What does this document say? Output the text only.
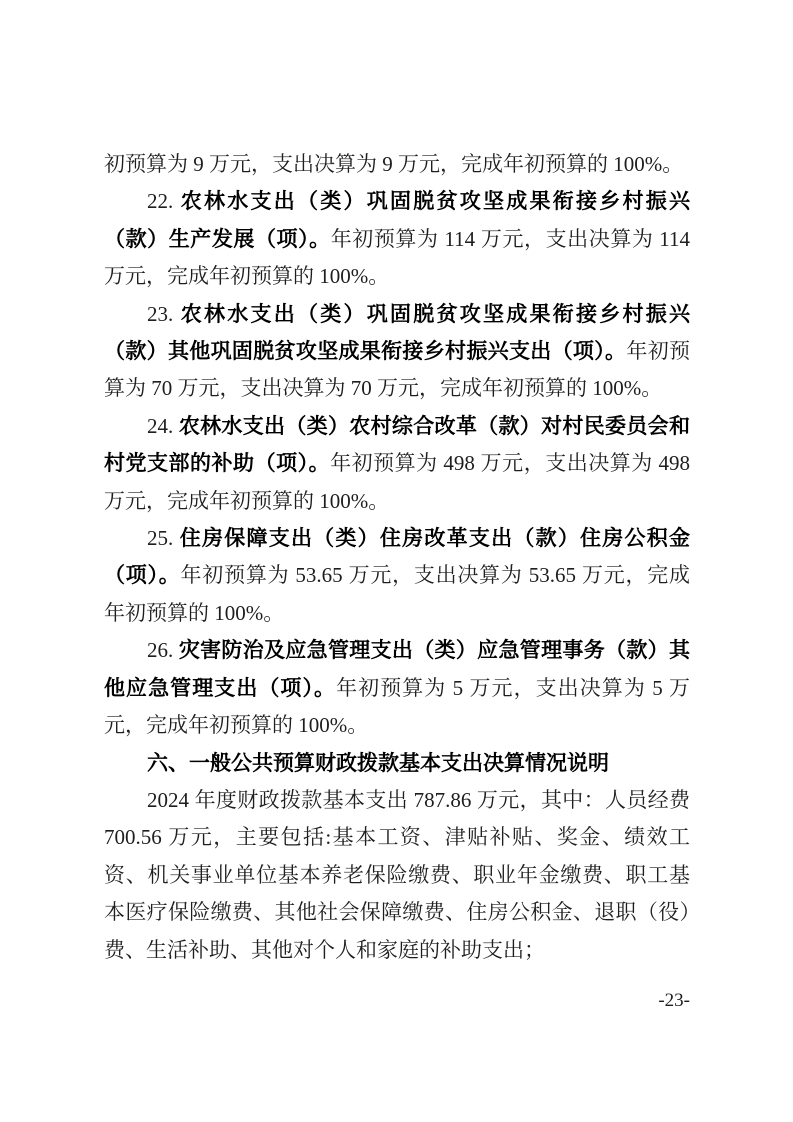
初预算为 9 万元，支出决算为 9 万元，完成年初预算的 100%。

22. 农林水支出（类）巩固脱贫攻坚成果衔接乡村振兴（款）生产发展（项）。年初预算为 114 万元，支出决算为 114 万元，完成年初预算的 100%。

23. 农林水支出（类）巩固脱贫攻坚成果衔接乡村振兴（款）其他巩固脱贫攻坚成果衔接乡村振兴支出（项）。年初预算为 70 万元，支出决算为 70 万元，完成年初预算的 100%。

24. 农林水支出（类）农村综合改革（款）对村民委员会和村党支部的补助（项）。年初预算为 498 万元，支出决算为 498 万元，完成年初预算的 100%。

25. 住房保障支出（类）住房改革支出（款）住房公积金（项）。年初预算为 53.65 万元，支出决算为 53.65 万元，完成年初预算的 100%。

26. 灾害防治及应急管理支出（类）应急管理事务（款）其他应急管理支出（项）。年初预算为 5 万元，支出决算为 5 万元，完成年初预算的 100%。

六、一般公共预算财政拨款基本支出决算情况说明

2024 年度财政拨款基本支出 787.86 万元，其中：人员经费 700.56 万元，主要包括:基本工资、津贴补贴、奖金、绩效工资、机关事业单位基本养老保险缴费、职业年金缴费、职工基本医疗保险缴费、其他社会保障缴费、住房公积金、退职（役）费、生活补助、其他对个人和家庭的补助支出；

-23-
